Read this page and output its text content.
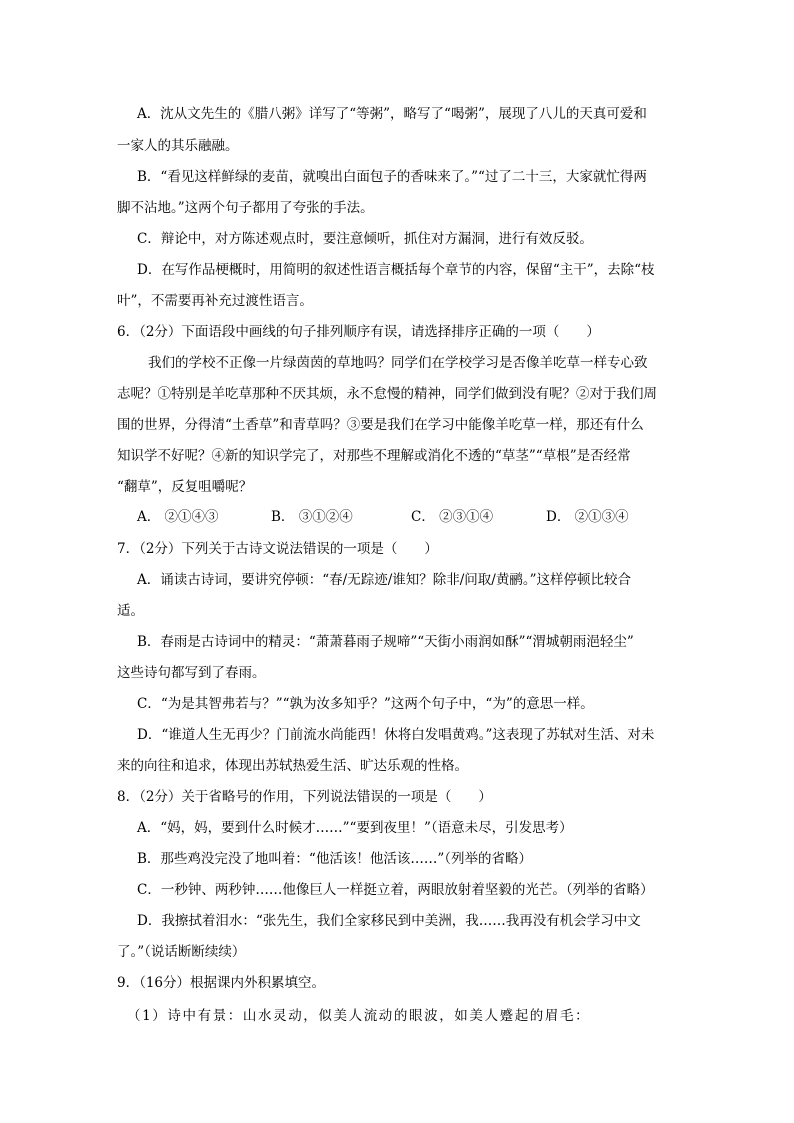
A．沈从文先生的《腊八粥》详写了“等粥”，略写了“喝粥”，展现了八儿的天真可爱和
一家人的其乐融融。
B．“看见这样鲜绿的麦苗，就嗅出白面包子的香味来了。”“过了二十三，大家就忙得两
脚不沾地。”这两个句子都用了夸张的手法。
C．辩论中，对方陈述观点时，要注意倾听，抓住对方漏洞，进行有效反驳。
D．在写作品梗概时，用简明的叙述性语言概括每个章节的内容，保留“主干”，去除“枝
叶”，不需要再补充过渡性语言。
6．（2分）下面语段中画线的句子排列顺序有误，请选择排序正确的一项（　　）
我们的学校不正像一片绿茵茵的草地吗？同学们在学校学习是否像羊吃草一样专心致
志呢？①特别是羊吃草那种不厌其烦，永不怠慢的精神，同学们做到没有呢？②对于我们周
围的世界，分得清“土香草”和青草吗？③要是我们在学习中能像羊吃草一样，那还有什么
知识学不好呢？④新的知识学完了，对那些不理解或消化不透的“草茎”“草根”是否经常
“翻草”，反复咀嚼呢？
A． ②①④③	B． ③①②④	C． ②③①④	D． ②①③④
7．（2分）下列关于古诗文说法错误的一项是（　　）
A．诵读古诗词，要讲究停顿：“春/无踪迹/谁知？除非/问取/黄鹂。”这样停顿比较合
适。
B．春雨是古诗词中的精灵：“萧萧暮雨子规啼”“天街小雨润如酥”“渭城朝雨浥轻尘”
这些诗句都写到了春雨。
C．“为是其智弗若与？”“孰为汝多知乎？”这两个句子中，“为”的意思一样。
D．“谁道人生无再少？门前流水尚能西！休将白发唱黄鸡。”这表现了苏轼对生活、对未
来的向往和追求，体现出苏轼热爱生活、旷达乐观的性格。
8．（2分）关于省略号的作用，下列说法错误的一项是（　　）
A．“妈，妈，要到什么时候才……”“要到夜里！”（语意未尽，引发思考）
B．那些鸡没完没了地叫着：“他活该！他活该……”（列举的省略）
C．一秒钟、两秒钟……他像巨人一样挺立着，两眼放射着坚毅的光芒。（列举的省略）
D．我擦拭着泪水：“张先生，我们全家移民到中美洲，我……我再没有机会学习中文
了。”（说话断断续续）
9．（16分）根据课内外积累填空。
（1）诗中有景：山水灵动，似美人流动的眼波，如美人蹙起的眉毛：
